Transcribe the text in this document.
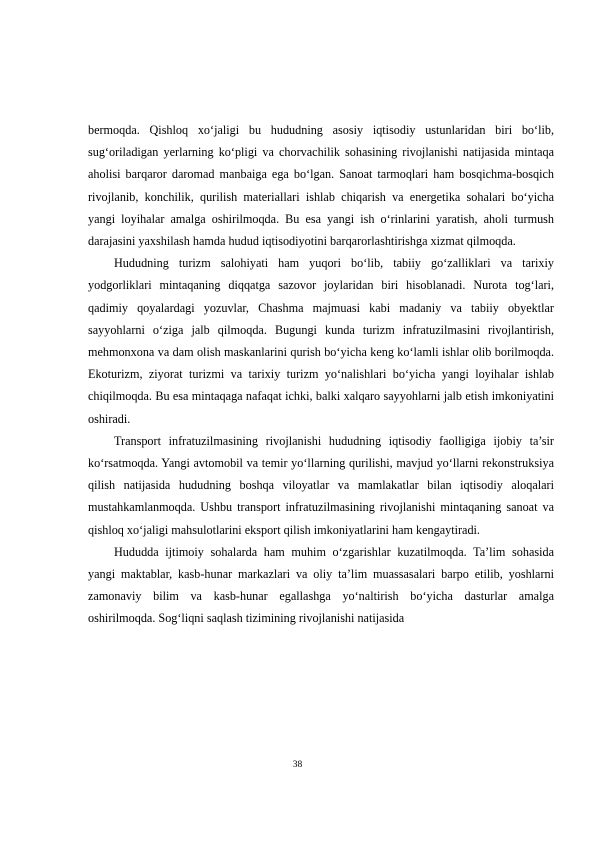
bermoqda. Qishloq xo‘jaligi bu hududning asosiy iqtisodiy ustunlaridan biri bo‘lib, sug‘oriladigan yerlarning ko‘pligi va chorvachilik sohasining rivojlanishi natijasida mintaqa aholisi barqaror daromad manbaiga ega bo‘lgan. Sanoat tarmoqlari ham bosqichma-bosqich rivojlanib, konchilik, qurilish materiallari ishlab chiqarish va energetika sohalari bo‘yicha yangi loyihalar amalga oshirilmoqda. Bu esa yangi ish o‘rinlarini yaratish, aholi turmush darajasini yaxshilash hamda hudud iqtisodiyotini barqarorlashtirishga xizmat qilmoqda.

Hududning turizm salohiyati ham yuqori bo‘lib, tabiiy go‘zalliklari va tarixiy yodgorliklari mintaqaning diqqatga sazovor joylaridan biri hisoblanadi. Nurota tog‘lari, qadimiy qoyalardagi yozuvlar, Chashma majmuasi kabi madaniy va tabiiy obyektlar sayyohlarni o‘ziga jalb qilmoqda. Bugungi kunda turizm infratuzilmasini rivojlantirish, mehmonxona va dam olish maskanlarini qurish bo‘yicha keng ko‘lamli ishlar olib borilmoqda. Ekoturizm, ziyorat turizmi va tarixiy turizm yo‘nalishlari bo‘yicha yangi loyihalar ishlab chiqilmoqda. Bu esa mintaqaga nafaqat ichki, balki xalqaro sayyohlarni jalb etish imkoniyatini oshiradi.

Transport infratuzilmasining rivojlanishi hududning iqtisodiy faolligiga ijobiy ta’sir ko‘rsatmoqda. Yangi avtomobil va temir yo‘llarning qurilishi, mavjud yo‘llarni rekonstruksiya qilish natijasida hududning boshqa viloyatlar va mamlakatlar bilan iqtisodiy aloqalari mustahkamlanmoqda. Ushbu transport infratuzilmasining rivojlanishi mintaqaning sanoat va qishloq xo‘jaligi mahsulotlarini eksport qilish imkoniyatlarini ham kengaytiradi.

Hududda ijtimoiy sohalarda ham muhim o‘zgarishlar kuzatilmoqda. Ta’lim sohasida yangi maktablar, kasb-hunar markazlari va oliy ta’lim muassasalari barpo etilib, yoshlarni zamonaviy bilim va kasb-hunar egallashga yo‘naltirish bo‘yicha dasturlar amalga oshirilmoqda. Sog‘liqni saqlash tizimining rivojlanishi natijasida

38
